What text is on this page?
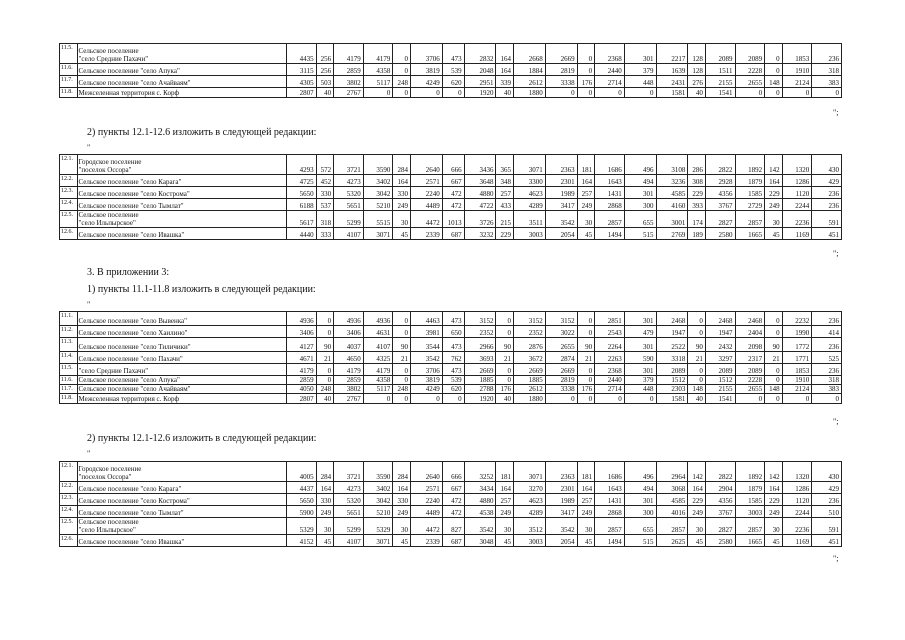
11.5.	Сельское поселение
"село Средние Пахачи"	4435	256	4179	4179	0	3706	473	2832	164	2668	2669	0	2368	301	2217	128	2089	2089	0	1853	236
11.6.	Сельское поселение "село Апука"	3115	256	2859	4358	0	3819	539	2048	164	1884	2819	0	2440	379	1639	128	1511	2228	0	1910	318
11.7.	Сельское поселение "село Ачайваям"	4305	503	3802	5117	248	4249	620	2951	339	2612	3338	176	2714	448	2431	276	2155	2655	148	2124	383
11.8.	Межселенная территория с. Корф	2807	40	2767	0	0	0	0	1920	40	1880	0	0	0	0	1581	40	1541	0	0	0	0
";
2) пункты 12.1-12.6 изложить в следующей редакции:
"
12.1.	Городское поселение
"поселок Оссора"	4293	572	3721	3590	284	2640	666	3436	365	3071	2363	181	1686	496	3108	286	2822	1892	142	1320	430
12.2.	Сельское поселение "село Карага"	4725	452	4273	3402	164	2571	667	3648	348	3300	2301	164	1643	494	3236	308	2928	1879	164	1286	429
12.3.	Сельское поселение "село Кострома"	5650	330	5320	3042	330	2240	472	4880	257	4623	1989	257	1431	301	4585	229	4356	1585	229	1120	236
12.4.	Сельское поселение "село Тымлат"	6188	537	5651	5210	249	4489	472	4722	433	4289	3417	249	2868	300	4160	393	3767	2729	249	2244	236
12.5.	Сельское поселение
"село Ильпырское"	5617	318	5299	5515	30	4472	1013	3726	215	3511	3542	30	2857	655	3001	174	2827	2857	30	2236	591
12.6.	Сельское поселение "село Ивашка"	4440	333	4107	3071	45	2339	687	3232	229	3003	2054	45	1494	515	2769	189	2580	1665	45	1169	451
";
3. В приложении 3:
1) пункты 11.1-11.8 изложить в следующей редакции:
"
11.1.	Сельское поселение "село Вывенка"	4936	0	4936	4936	0	4463	473	3152	0	3152	3152	0	2851	301	2468	0	2468	2468	0	2232	236
11.2.	Сельское поселение "село Хаилино"	3406	0	3406	4631	0	3981	650	2352	0	2352	3022	0	2543	479	1947	0	1947	2404	0	1990	414
11.3.	Сельское поселение "село Тиличики"	4127	90	4037	4107	90	3544	473	2966	90	2876	2655	90	2264	301	2522	90	2432	2098	90	1772	236
11.4.	Сельское поселение "село Пахачи"	4671	21	4650	4325	21	3542	762	3693	21	3672	2874	21	2263	590	3318	21	3297	2317	21	1771	525
11.5.	"село Средние Пахачи"	4179	0	4179	4179	0	3706	473	2669	0	2669	2669	0	2368	301	2089	0	2089	2089	0	1853	236
11.6.	Сельское поселение "село Апука"	2859	0	2859	4358	0	3819	539	1885	0	1885	2819	0	2440	379	1512	0	1512	2228	0	1910	318
11.7.	Сельское поселение "село Ачайваям"	4050	248	3802	5117	248	4249	620	2788	176	2612	3338	176	2714	448	2303	148	2155	2655	148	2124	383
11.8.	Межселенная территория с. Корф	2807	40	2767	0	0	0	0	1920	40	1880	0	0	0	0	1581	40	1541	0	0	0	0
";
2) пункты 12.1-12.6 изложить в следующей редакции:
"
12.1.	Городское поселение
"поселок Оссора"	4005	284	3721	3590	284	2640	666	3252	181	3071	2363	181	1686	496	2964	142	2822	1892	142	1320	430
12.2.	Сельское поселение "село Карага"	4437	164	4273	3402	164	2571	667	3434	164	3270	2301	164	1643	494	3068	164	2904	1879	164	1286	429
12.3.	Сельское поселение "село Кострома"	5650	330	5320	3042	330	2240	472	4880	257	4623	1989	257	1431	301	4585	229	4356	1585	229	1120	236
12.4.	Сельское поселение "село Тымлат"	5900	249	5651	5210	249	4489	472	4538	249	4289	3417	249	2868	300	4016	249	3767	3003	249	2244	510
12.5.	Сельское поселение
"село Ильпырское"	5329	30	5299	5329	30	4472	827	3542	30	3512	3542	30	2857	655	2857	30	2827	2857	30	2236	591
12.6.	Сельское поселение "село Ивашка"	4152	45	4107	3071	45	2339	687	3048	45	3003	2054	45	1494	515	2625	45	2580	1665	45	1169	451
";
